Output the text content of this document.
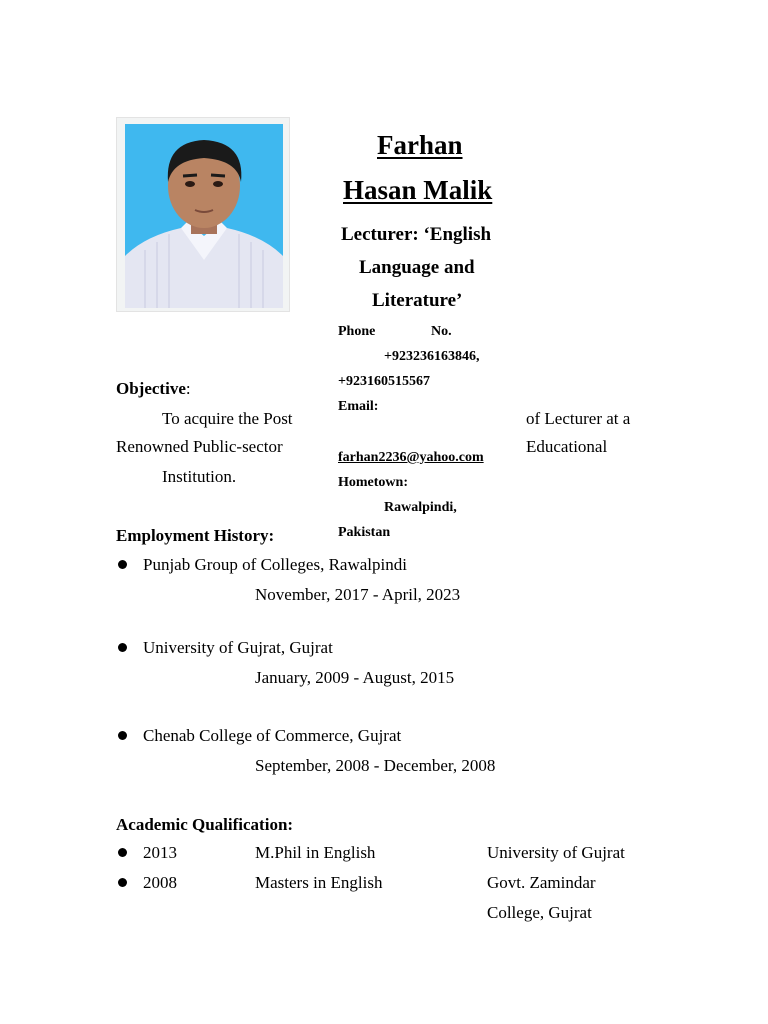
Farhan
Hasan Malik
Lecturer: ‘English
Language and
Literature’
Phone	No.
+923236163846,
+923160515567
Email:
farhan2236@yahoo.com
Hometown:
Rawalpindi,
Pakistan
Objective:
To acquire the Post	of Lecturer at a
Renowned Public-sector	Educational
Institution.
Employment History:
Punjab Group of Colleges, Rawalpindi
November, 2017 - April, 2023
University of Gujrat, Gujrat
January, 2009 - August, 2015
Chenab College of Commerce, Gujrat
September, 2008 - December, 2008
Academic Qualification:
2013	M.Phil in English	University of Gujrat
2008	Masters in English	Govt. Zamindar
College, Gujrat
